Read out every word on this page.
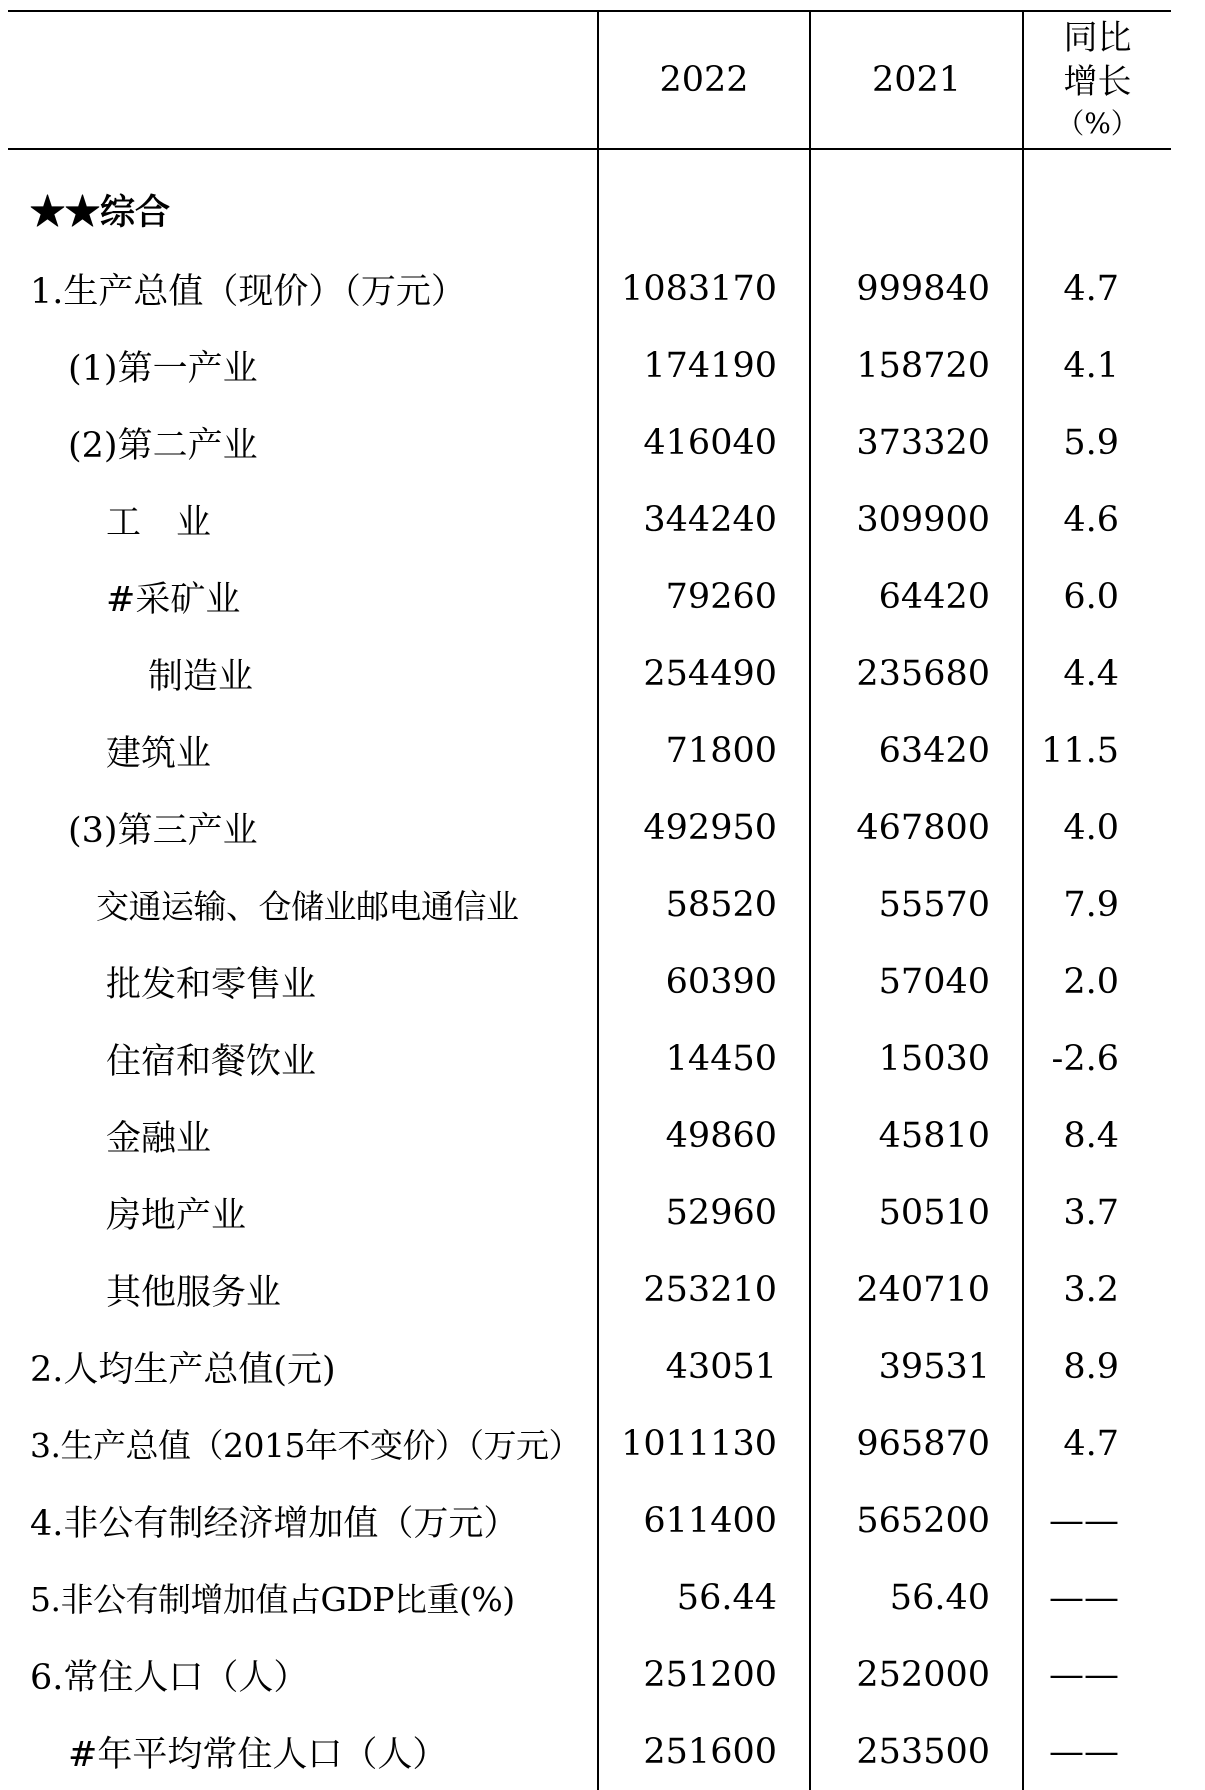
	2022	2021	同比
增长
（%）

★★综合			
1.生产总值（现价）（万元）	1083170	999840	4.7
(1)第一产业	174190	158720	4.1
(2)第二产业	416040	373320	5.9
工　业	344240	309900	4.6
#采矿业	79260	64420	6.0
制造业	254490	235680	4.4
建筑业	71800	63420	11.5
(3)第三产业	492950	467800	4.0
交通运输、仓储业邮电通信业	58520	55570	7.9
批发和零售业	60390	57040	2.0
住宿和餐饮业	14450	15030	-2.6
金融业	49860	45810	8.4
房地产业	52960	50510	3.7
其他服务业	253210	240710	3.2
2.人均生产总值(元)	43051	39531	8.9
3.生产总值（2015年不变价）（万元）	1011130	965870	4.7
4.非公有制经济增加值（万元）	611400	565200	——
5.非公有制增加值占GDP比重(%)	56.44	56.40	——
6.常住人口（人）	251200	252000	——
#年平均常住人口（人）	251600	253500	——
